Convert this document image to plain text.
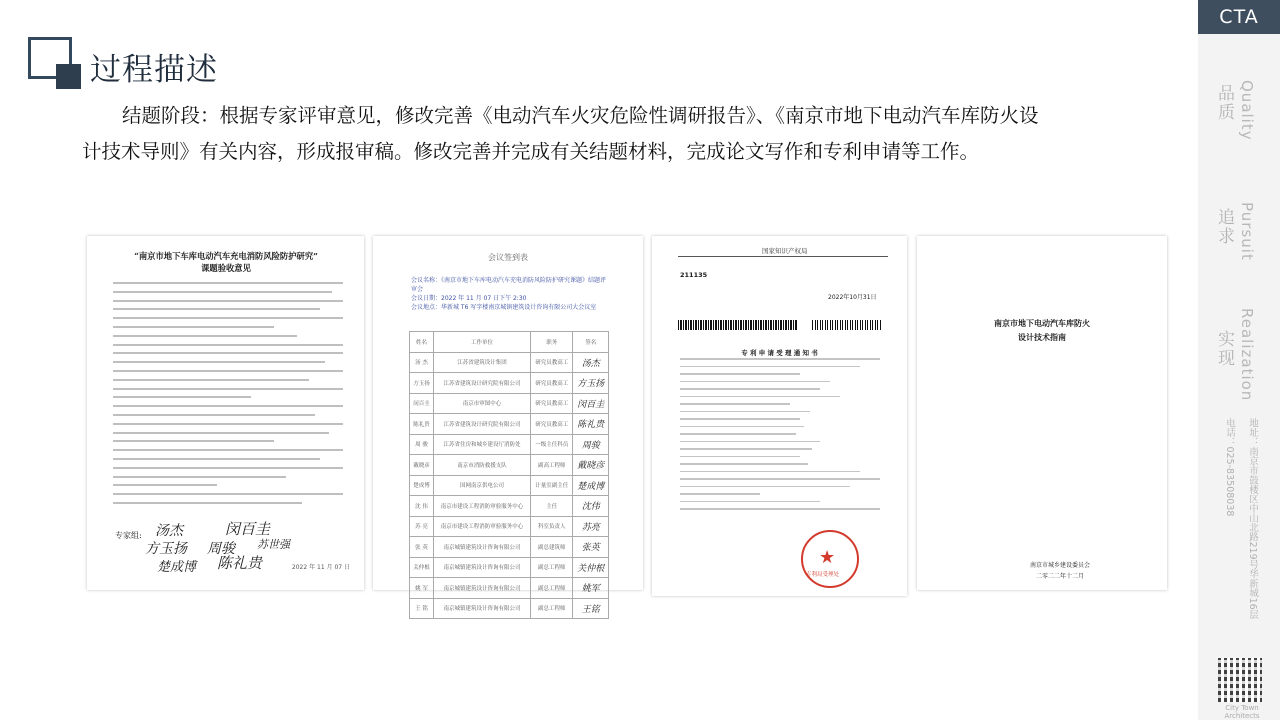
过程描述
结题阶段：根据专家评审意见，修改完善《电动汽车火灾危险性调研报告》、《南京市地下电动汽车库防火设
计技术导则》有关内容，形成报审稿。修改完善并完成有关结题材料，完成论文写作和专利申请等工作。
CTA
品质 Quality
追求 Pursuit
实现 Realization
地址：南京市鼓楼区中山北路219号华新城16层
电话：025-83508038
City Town Architects
“南京市地下车库电动汽车充电消防风险防护研究”
课题验收意见
专家组: 汤杰	闵百圭
方玉扬 周骏 苏世强
楚成博 陈礼贵	2022 年 11 月 07 日
会议签到表
会议名称：《南京市地下车库电动汽车充电消防风险防护研究课题》结题评审会
会议日期：2022 年 11 月 07 日下午 2:30
会议地点：华新城 T6 写字楼南京城镇建筑设计咨询有限公司大会议室
姓名	工作单位	职务	签名
汤 杰	江苏省建筑设计集团	研究员教高工	汤杰
方玉扬	江苏省建筑设计研究院有限公司	研究员教高工	方玉扬
闵百圭	南京市审图中心	研究员教高工	闵百圭
陈礼贵	江苏省建筑设计研究院有限公司	研究员教高工	陈礼贵
周 骏	江苏省住房和城乡建设厅消防处	一级主任科员	周骏
戴晓彦	南京市消防救援支队	副高工程师	戴晓彦
楚成博	国网南京供电公司	计量室副主任	楚成博
沈 伟	南京市建设工程消防审验服务中心	主任	沈伟
苏 亮	南京市建设工程消防审验服务中心	科室负责人	苏亮
张 英	南京城镇建筑设计咨询有限公司	副总建筑师	张英
关仲根	南京城镇建筑设计咨询有限公司	副总工程师	关仲根
姚 军	南京城镇建筑设计咨询有限公司	副总工程师	姚军
王 铭	南京城镇建筑设计咨询有限公司	副总工程师	王铭
国家知识产权局
211135
2022年10月31日
专 利 申 请 受 理 通 知 书
★
专利局受理处
南京市地下电动汽车库防火
设计技术指南
南京市城乡建设委员会
二零二二年十二月
